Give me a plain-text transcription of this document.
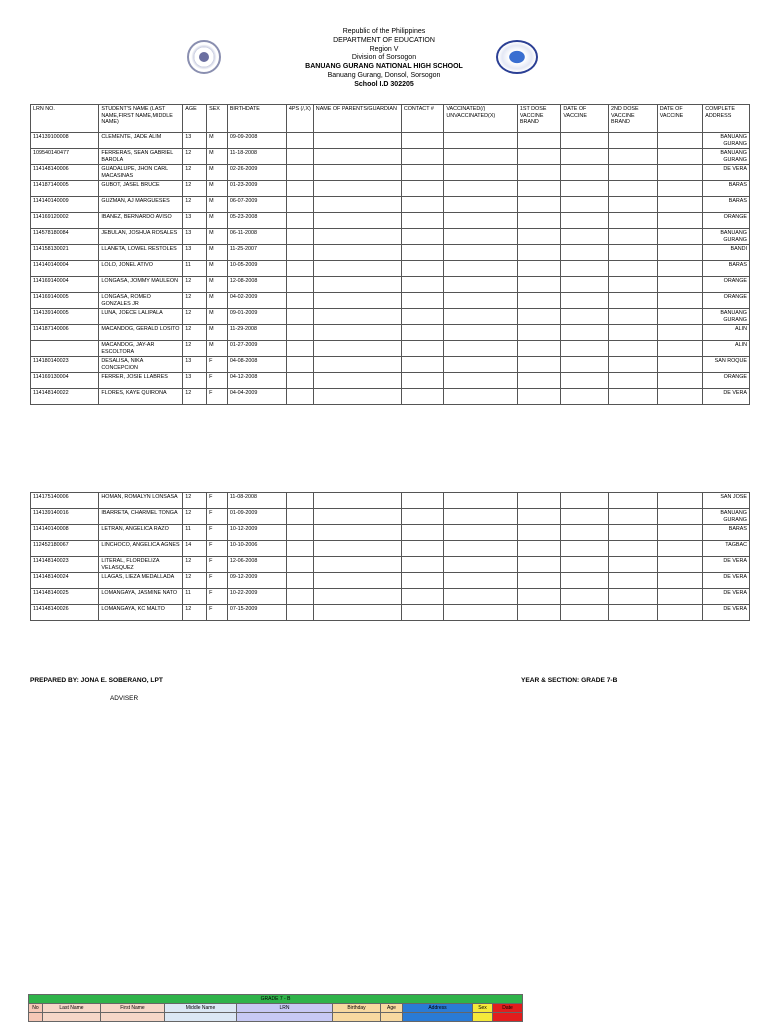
Republic of the Philippines
DEPARTMENT OF EDUCATION
Region V
Division of Sorsogon
BANUANG GURANG NATIONAL HIGH SCHOOL
Banuang Gurang, Donsol, Sorsogon
School I.D 302205
LRN NO.	STUDENT'S NAME (LAST NAME,FIRST NAME,MIDDLE NAME)	AGE	SEX	BIRTHDATE	4PS (/,X)	NAME OF PARENTS/GUARDIAN	CONTACT #	VACCINATED(/) UNVACCINATED(X)	1ST DOSE VACCINE BRAND	DATE OF VACCINE	2ND DOSE VACCINE BRAND	DATE OF VACCINE	COMPLETE ADDRESS
114139100008	CLEMENTE, JADE ALIM	13	M	09-09-2008									BANUANG GURANG
109540140477	FERRERAS, SEAN GABRIEL BAROLA	12	M	11-18-2008									BANUANG GURANG
114148140006	GUADALUPE, JHON CARL MACASINAS	12	M	02-26-2009									DE VERA
114187140005	GUBOT, JASEL BRUCE	12	M	01-23-2009									BARAS
114140140009	GUZMAN, AJ MARGUESES	12	M	06-07-2009									BARAS
114169120002	IBANEZ, BERNARDO AVISO	13	M	05-23-2008									ORANGE
114578180084	JEBULAN, JOSHUA ROSALES	13	M	06-11-2008									BANUANG GURANG
114158130021	LLANETA, LOWEL RESTOLES	13	M	11-25-2007									BANDI
114140140004	LOLO, JONEL ATIVO	11	M	10-05-2009									BARAS
114169140004	LONGASA, JOMMY MAULEON	12	M	12-08-2008									ORANGE
114169140005	LONGASA, ROMEO GONZALES JR	12	M	04-02-2009									ORANGE
114139140005	LUNA, JOECE LALIPALA	12	M	09-01-2009									BANUANG GURANG
114187140006	MACANDOG, GERALD LOSITO	12	M	11-29-2008									ALIN
	MACANDOG, JAY-AR ESCOLTORA	12	M	01-27-2009									ALIN
114180140023	DESALISA, NIKA CONCEPCION	13	F	04-08-2008									SAN ROQUE
114169130004	FERRER, JOSIE LLABRES	13	F	04-12-2008									ORANGE
114148140022	FLORES, KAYE QUIRONA	12	F	04-04-2009									DE VERA
114175140006	HOMAN, ROMALYN LONSASA	12	F	11-08-2008									SAN JOSE
114139140016	IBARRETA, CHARMEL TONGA	12	F	01-09-2009									BANUANG GURANG
114140140008	LETRAN, ANGELICA RAZO	11	F	10-12-2009									BARAS
112452180067	LINCHOCO, ANGELICA AGNES	14	F	10-10-2006									TAGBAC
114148140023	LITERAL, FLORDELIZA VELASQUEZ	12	F	12-06-2008									DE VERA
114148140024	LLAGAS, LIEZA MEDALLADA	12	F	09-12-2009									DE VERA
114148140025	LOMANGAYA, JASMINE NATO	11	F	10-22-2009									DE VERA
114148140026	LOMANGAYA, KC MALTO	12	F	07-15-2009									DE VERA
PREPARED BY: JONA E. SOBERANO, LPT
ADVISER
YEAR & SECTION: GRADE 7-B
GRADE 7 - B									
No	Last Name	First Name	Middle Name	LRN	Birthday	Age	Address	Sex	Date
